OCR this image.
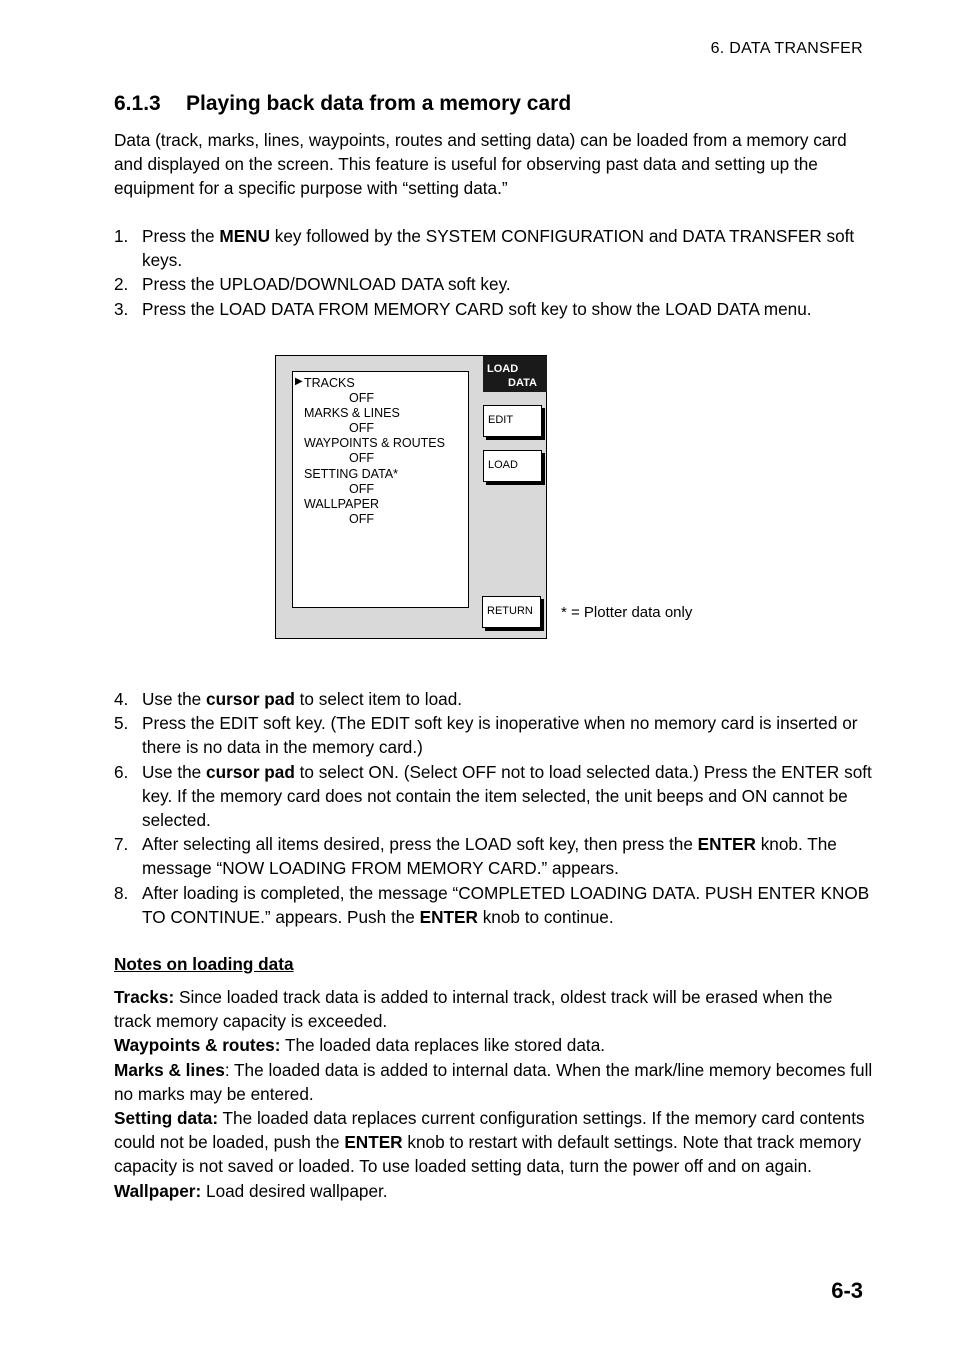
6. DATA TRANSFER
6.1.3 Playing back data from a memory card
Data (track, marks, lines, waypoints, routes and setting data) can be loaded from a memory card and displayed on the screen. This feature is useful for observing past data and setting up the equipment for a specific purpose with “setting data.”
1. Press the MENU key followed by the SYSTEM CONFIGURATION and DATA TRANSFER soft keys.
2. Press the UPLOAD/DOWNLOAD DATA soft key.
3. Press the LOAD DATA FROM MEMORY CARD soft key to show the LOAD DATA menu.
▶ TRACKS
OFF
MARKS & LINES
OFF
WAYPOINTS & ROUTES
OFF
SETTING DATA*
OFF
WALLPAPER
OFF
LOAD
DATA
EDIT
LOAD
RETURN	* = Plotter data only
4. Use the cursor pad to select item to load.
5. Press the EDIT soft key. (The EDIT soft key is inoperative when no memory card is inserted or there is no data in the memory card.)
6. Use the cursor pad to select ON. (Select OFF not to load selected data.) Press the ENTER soft key. If the memory card does not contain the item selected, the unit beeps and ON cannot be selected.
7. After selecting all items desired, press the LOAD soft key, then press the ENTER knob. The message “NOW LOADING FROM MEMORY CARD.” appears.
8. After loading is completed, the message “COMPLETED LOADING DATA. PUSH ENTER KNOB TO CONTINUE.” appears. Push the ENTER knob to continue.
Notes on loading data

Tracks: Since loaded track data is added to internal track, oldest track will be erased when the track memory capacity is exceeded.

Waypoints & routes: The loaded data replaces like stored data.

Marks & lines: The loaded data is added to internal data. When the mark/line memory becomes full no marks may be entered.

Setting data: The loaded data replaces current configuration settings. If the memory card contents could not be loaded, push the ENTER knob to restart with default settings. Note that track memory capacity is not saved or loaded. To use loaded setting data, turn the power off and on again.

Wallpaper: Load desired wallpaper.

6-3
